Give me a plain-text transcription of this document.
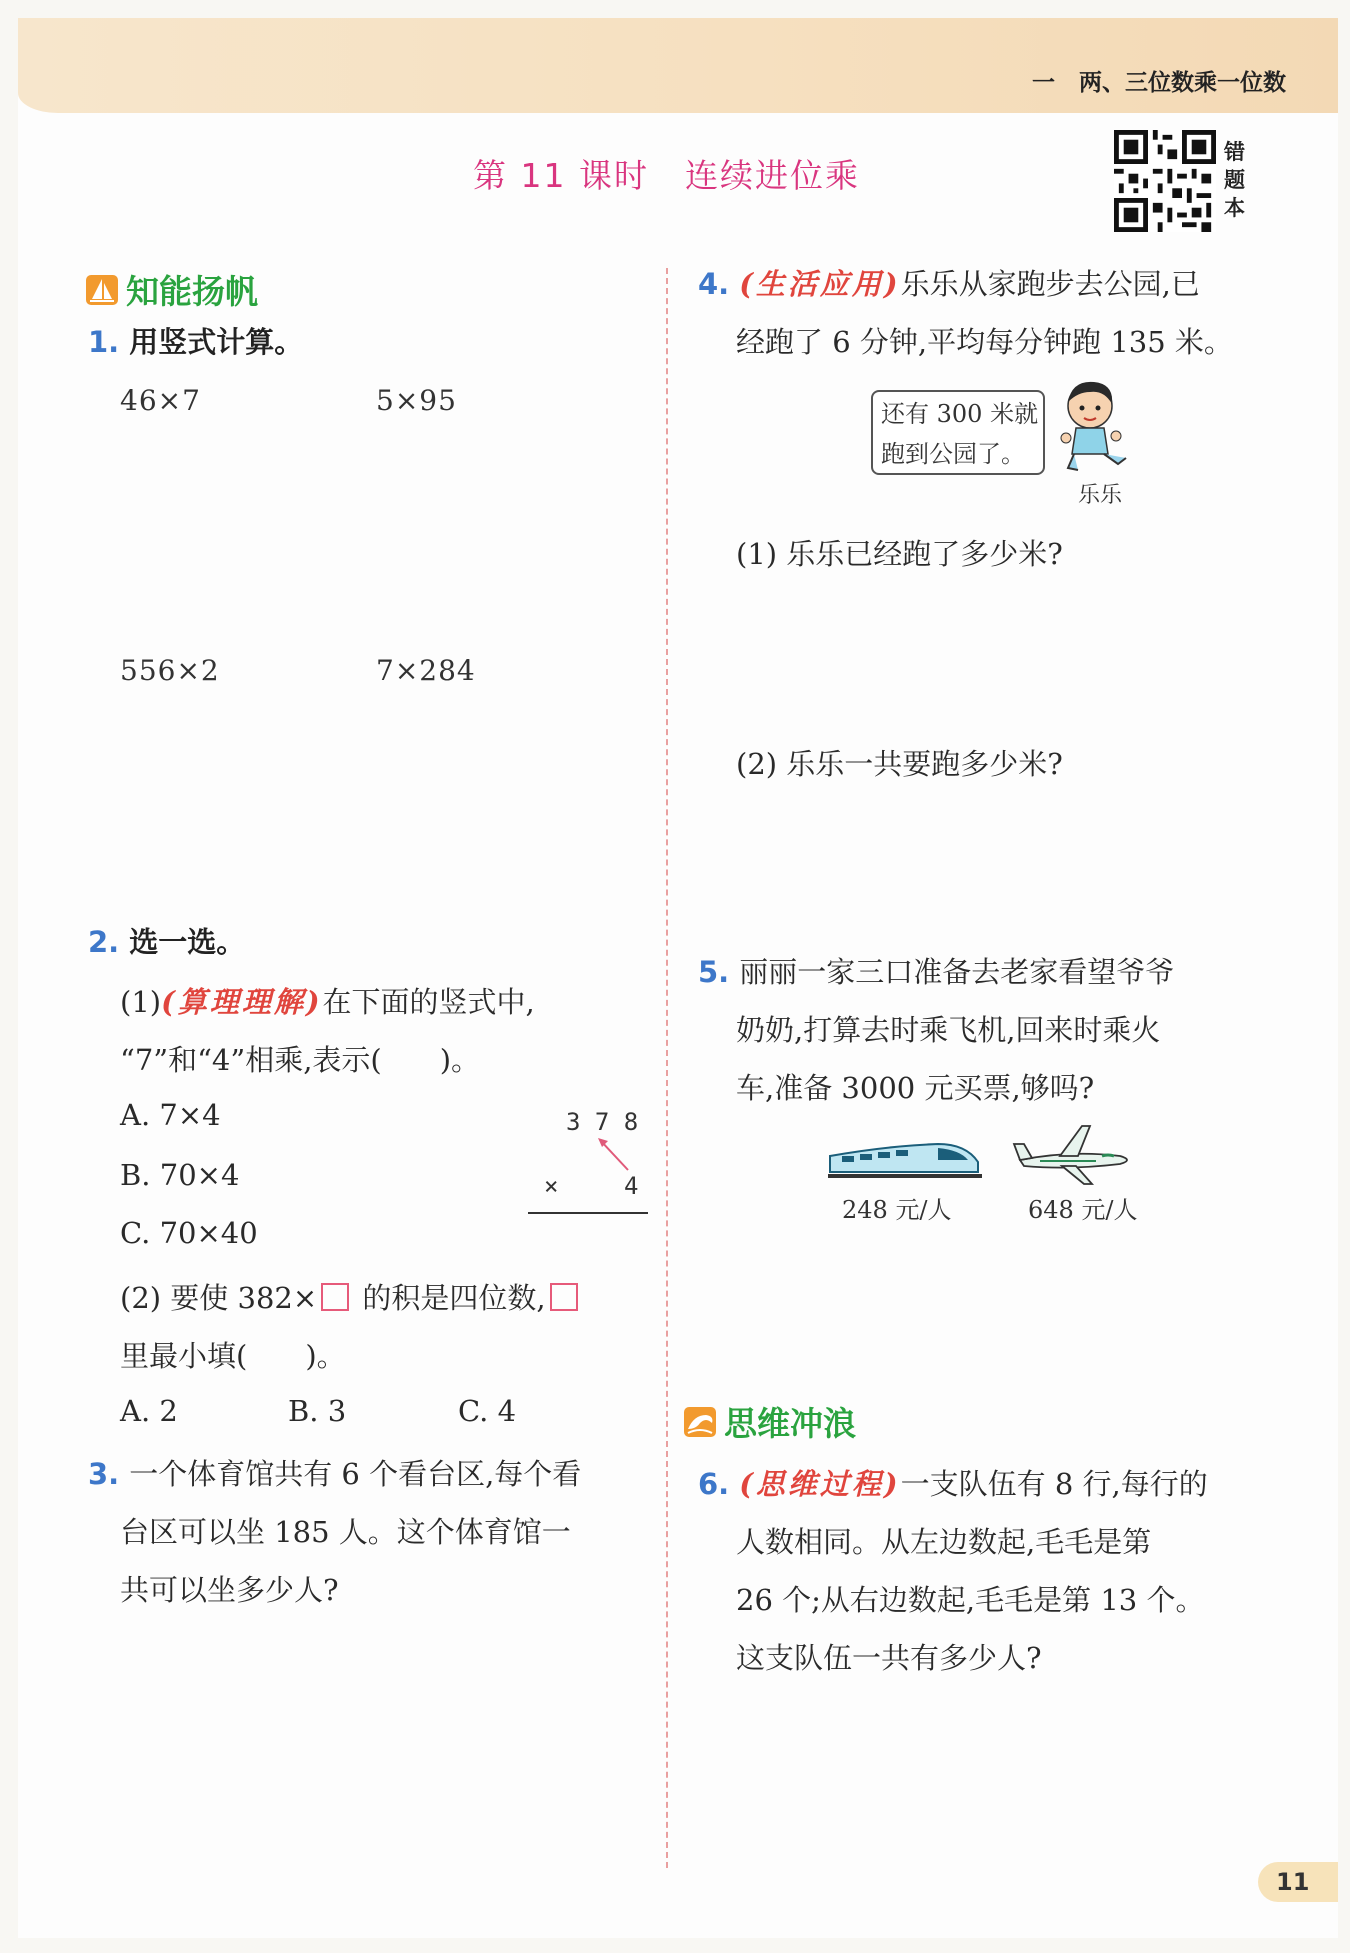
一 两、三位数乘一位数
第 11 课时 连续进位乘
错
题
本
知能扬帆
1. 用竖式计算。
46×7	5×95
556×2	7×284
2. 选一选。
(1)(算理理解)在下面的竖式中,
“7”和“4”相乘,表示(　　)。
A. 7×4
B. 70×4
C. 70×40
3 7 8
×	4
(2) 要使 382× 的积是四位数,
里最小填(　　)。
A. 2	B. 3	C. 4
3. 一个体育馆共有 6 个看台区,每个看
台区可以坐 185 人。这个体育馆一
共可以坐多少人?
4. (生活应用)乐乐从家跑步去公园,已
经跑了 6 分钟,平均每分钟跑 135 米。
还有 300 米就
跑到公园了。
乐乐
(1) 乐乐已经跑了多少米?
(2) 乐乐一共要跑多少米?
5. 丽丽一家三口准备去老家看望爷爷
奶奶,打算去时乘飞机,回来时乘火
车,准备 3000 元买票,够吗?
248 元/人	648 元/人
思维冲浪
6. (思维过程)一支队伍有 8 行,每行的
人数相同。从左边数起,毛毛是第
26 个;从右边数起,毛毛是第 13 个。
这支队伍一共有多少人?
11
